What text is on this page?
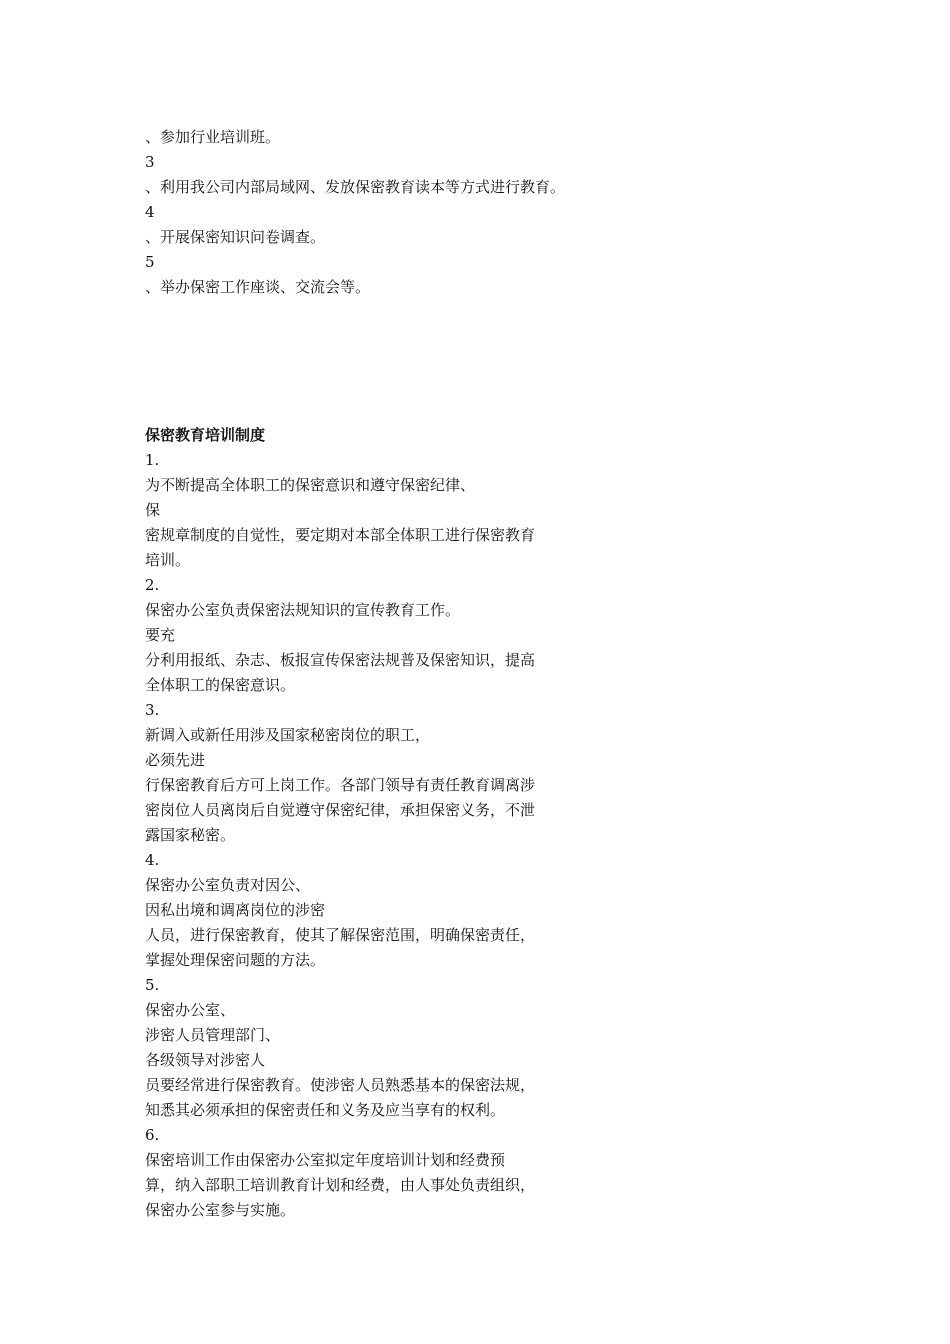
、参加行业培训班。
3
、利用我公司内部局域网、发放保密教育读本等方式进行教育。
4
、开展保密知识问卷调查。
5
、举办保密工作座谈、交流会等。
保密教育培训制度
1.
为不断提高全体职工的保密意识和遵守保密纪律、
保
密规章制度的自觉性，要定期对本部全体职工进行保密教育
培训。
2.
保密办公室负责保密法规知识的宣传教育工作。
要充
分利用报纸、杂志、板报宣传保密法规普及保密知识，提高
全体职工的保密意识。
3.
新调入或新任用涉及国家秘密岗位的职工，
必须先进
行保密教育后方可上岗工作。各部门领导有责任教育调离涉
密岗位人员离岗后自觉遵守保密纪律，承担保密义务，不泄
露国家秘密。
4.
保密办公室负责对因公、
因私出境和调离岗位的涉密
人员，进行保密教育，使其了解保密范围，明确保密责任，
掌握处理保密问题的方法。
5.
保密办公室、
涉密人员管理部门、
各级领导对涉密人
员要经常进行保密教育。使涉密人员熟悉基本的保密法规，
知悉其必须承担的保密责任和义务及应当享有的权利。
6.
保密培训工作由保密办公室拟定年度培训计划和经费预
算，纳入部职工培训教育计划和经费，由人事处负责组织，
保密办公室参与实施。
